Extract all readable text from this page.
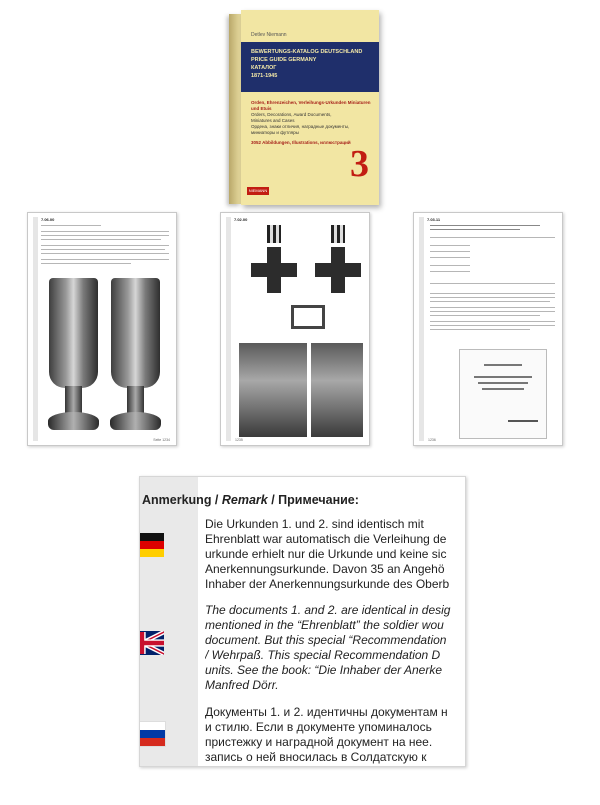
Detlev Niemann
BEWERTUNGS-KATALOG DEUTSCHLAND
PRICE GUIDE GERMANY
КАТАЛОГ
1871-1945
Orden, Ehrenzeichen, Verleihungs-Urkunden Miniaturen und Etuis
Orders, Decorations, Award Documents,
Miniatures and Cases
Ордена, знаки отличия, наградные документы,
миниатюры и футляры
3052 Abbildungen, Illustrations, иллюстраций
3
NIEMANN
7.06.00
Seite 1234
7.02.00
1235
7.03.11
1236
Anmerkung / Remark / Примечание:
Die Urkunden 1. und 2. sind identisch mit
Ehrenblatt war automatisch die Verleihung de
urkunde erhielt nur die Urkunde und keine sic
Anerkennungsurkunde. Davon 35 an Angehö
Inhaber der Anerkennungsurkunde des Oberb
The documents 1. and 2. are identical in desig
mentioned in the “Ehrenblatt” the soldier wou
document. But this special “Recommendation
/ Wehrpaß. This special Recommendation D
units. See the book: “Die Inhaber der Anerke
Manfred Dörr.
Документы 1. и 2. идентичны документам н
и стилю. Если в документе упоминалось
пристежку и наградной документ на нее.
запись о ней вносилась в Солдатскую к
